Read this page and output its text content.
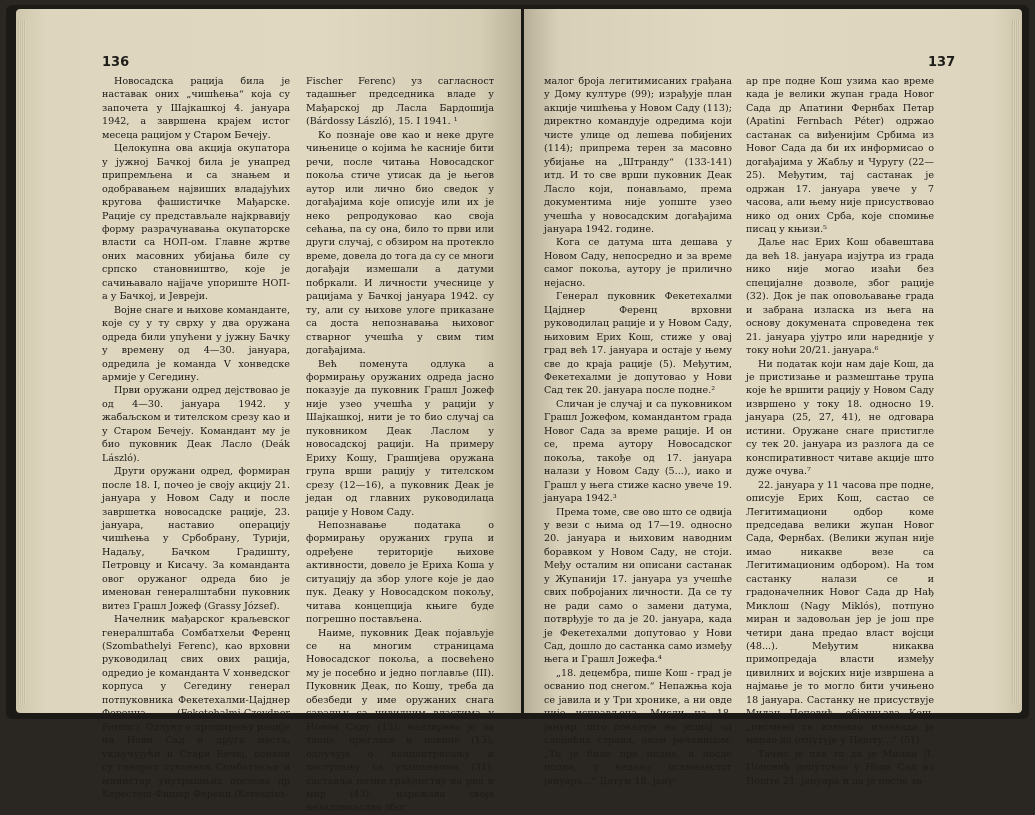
136

Новосадска рација била је наставак оних „чишћења“ која су започета у Шајкашкој 4. јануара 1942, а завршена крајем истог месеца рацијом у Старом Бечеју.

Целокупна ова акција окупатора у јужној Бачкој била је унапред припремљена и са знањем и одобравањем највиших владајућих кругова фашистичке Мађарске. Рације су представљале најкрвавију форму разрачунавања окупаторске власти са НОП-ом. Главне жртве оних масовних убијања биле су српско становништво, које је сачињавало најјаче упориште НОП-а у Бачкој, и Јевреји.

Војне снаге и њихове команданте, које су у ту сврху у два оружана одреда били упућени у јужну Бачку у времену од 4—30. јануара, одредила је команда V хонведске армије у Сегедину.

Први оружани одред дејствовао је од 4—30. јануара 1942. у жабаљском и тителском срезу као и у Старом Бечеју. Командант му је био пуковник Деак Ласло (Deák László).

Други оружани одред, формиран после 18. I, почео је своју акцију 21. јануара у Новом Саду и после завршетка новосадске рације, 23. јануара, наставио операцију чишћења у Србобрану, Турији, Надаљу, Бачком Градишту, Петровцу и Кисачу. За команданта овог оружаног одреда био је именован генералштабни пуковник витез Грашл Јожеф (Grassy József).

Начелник мађарског краљевског генералштаба Сомбатхељи Ференц (Szombathelyi Ferenc), као врховни руководилац свих ових рација, одредио је команданта V хонведског корпуса у Сегедину генерал потпуковника Фекетехалми-Цајднер Ференца (Feketehalmi-Czeydner Ferenc). Одлуку о проширењу рације на Нови Сад и друга места, укључујући и Стари Бечеј, донели су генерал пуковник Сомбатхељи и министар унутрашњих послова др Keрестеш-Фишер Ференц (Keresztes-

Fischer Ferenc) уз сагласност тадашњег председника владе у Мађарској др Ласла Бардошија (Bárdossy László), 15. I 1941. ¹

Ко познаје ове као и неке друге чињенице о којима ће касније бити речи, после читања Новосадског покоља стиче утисак да је његов аутор или лично био сведок у догађајима које описује или их је неко репродуковао као своја сећања, па су она, било то први или други случај, с обзиром на протекло време, довела до тога да су се многи догађаји измешали а датуми побркали. И личности учеснице у рацијама у Бачкој јануара 1942. су ту, али су њихове улоге приказане са доста непознавања њиховог стварног учешћа у свим тим догађајима.

Већ поменута одлука а формирању оружаних одреда јасно показује да пуковник Грашл Јожеф није узео учешћа у рацији у Шајкашкој, нити је то био случај са пуковником Деак Ласлом у новосадској рацији. На примеру Ериху Кошу, Грашијева оружана група врши рацију у тителском срезу (12—16), а пуковник Деак је један од главних руководилаца рације у Новом Саду.

Непознавање података о формирању оружаних група и одређене територије њихове активности, довело је Ериха Коша у ситуацију да збор улоге које је дао пук. Деаку у Новосадском покољу, читава концепција књиге буде погрешно постављена.

Наиме, пуковник Деак појављује се на многим страницама Новосадског покоља, а посвећено му је посебно и једно поглавље (III). Пуковник Деак, по Кошу, треба да обезбеди у име оружаних снага сарадњу са цивилним властима у Новом Саду (13); надзирава је за таоце, прогласе и новине (13); одлучује о концентрисању и поступању са ухапшенима (31); саставља позив грађанству на ред и мир (43); изражава своје незадовољство због

137

малог броја легитимисаних грађана у Дому културе (99); израђује план акције чишћења у Новом Саду (113); директно командује одредима који чисте улице од лешева побијених (114); припрема терен за масовно убијање на „Штранду“ (133-141) итд. И то све врши пуковник Деак Ласло који, понављамо, према документима није уопште узео учешћа у новосадским догађајима јануара 1942. године.

Кога се датума шта дешава у Новом Саду, непосредно и за време самог покоља, аутору је прилично нејасно.

Генерал пуковник Фекетехалми Цајднер Ференц врховни руководилац рације и у Новом Саду, њиховим Ерих Кош, стиже у овај град већ 17. јануара и остаје у њему све до краја рације (5). Међутим, Фекетехалми је допутовао у Нови Сад тек 20. јануара после подне.²

Сличан је случај и са пуковником Грашл Јожефом, командантом града Новог Сада за време рације. И он се, према аутору Новосадског покоља, такође од 17. јануара налази у Новом Саду (5...), иако и Грашл у њега стиже касно увече 19. јануара 1942.³

Према томе, све ово што се одвија у вези с њима од 17—19. односно 20. јануара и њиховим наводним боравком у Новом Саду, не стоји. Међу осталим ни описани састанак у Жупанији 17. јануара уз учешће свих побројаних личности. Да се ту не ради само о замени датума, потврђује то да је 20. јануара, када је Фекетехалми допутовао у Нови Сад, дошло до састанка само између њега и Грашл Јожефа.⁴

„18. децембра, пише Кош - град је осванио под снегом.“ Непажња која се јавила и у Три хронике, а ни овде није исправљена. Мисли на 18. јануар, што доказује на једној од следећих страна, овом реченицом: „То је било пре подне, а после подне, у недељу осамнаестог јануара...“ Датум 18. јану-

ар пре подне Кош узима као време када је велики жупан града Новог Сада др Апатини Фернбах Петар (Apatini Fernbach Péter) одржао састанак са виђенијим Србима из Новог Сада да би их информисао о догађајима у Жабљу и Чуругу (22—25). Међутим, тај састанак је одржан 17. јануара увече у 7 часова, али њему није присуствовао нико од оних Срба, које спомиње писац у књизи.⁵

Даље нас Ерих Кош обавештава да већ 18. јануара изјутра из града нико није могао изаћи без специјалне дозволе, због рације (32). Док је пак оповољавање града и забрана изласка из њега на основу докумената спроведена тек 21. јануара ујутро или наредније у току ноћи 20/21. јануара.⁶

Ни податак који нам даје Кош, да је пристизање и размештање трупа које ће вршити рацију у Новом Саду извршено у току 18. односно 19. јануара (25, 27, 41), не одговара истини. Оружане снаге пристигле су тек 20. јануара из разлога да се конспиративност читаве акције што дуже очува.⁷

22. јануара у 11 часова пре подне, описује Ерих Кош, састао се Легитимациони одбор коме председава велики жупан Новог Сада, Фернбах. (Велики жупан није имао никакве везе са Легитимационим одбором). На том састанку налази се и градоначелник Новог Сада др Нађ Миклош (Nagy Miklós), потпуно миран и задовољан јер је још пре четири дана предао власт војсци (48...). Међутим никаква примопредаја власти између цивилних и војских није извршена а најмање је то могло бити учињено 18 јануара. Састанку не присуствује Милан Поповић, објашњава Кош, „писмено се извинио изневада је морао да отпутује у Пешту...“ (51).

Тачно је пак то да је Милан Л. Поповић допутовао у Нови Сад из Пеште 21. јануара и да је после за-
